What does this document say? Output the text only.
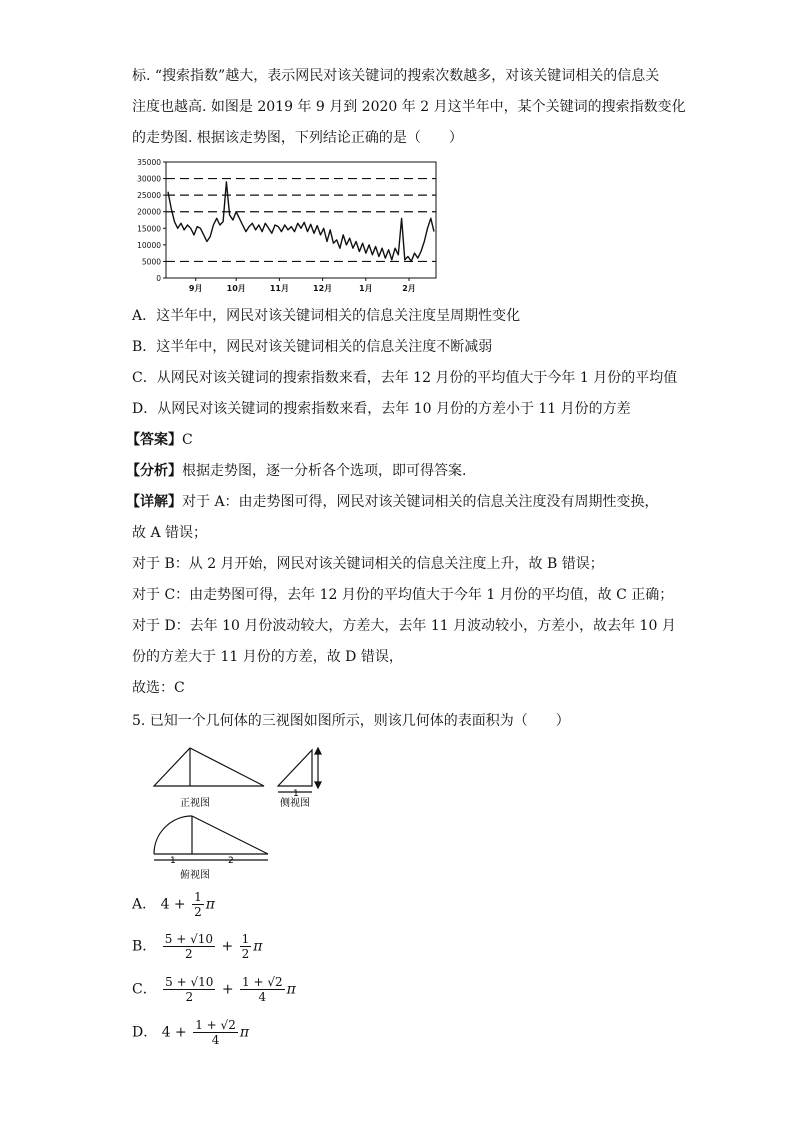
标. “搜索指数”越大，表示网民对该关键词的搜索次数越多，对该关键词相关的信息关
注度也越高. 如图是 2019 年 9 月到 2020 年 2 月这半年中，某个关键词的搜索指数变化
的走势图. 根据该走势图，下列结论正确的是（　　）
0
5000
10000
15000
20000
25000
30000
35000
9月	10月	11月	12月	1月	2月
A．这半年中，网民对该关键词相关的信息关注度呈周期性变化
B．这半年中，网民对该关键词相关的信息关注度不断减弱
C．从网民对该关键词的搜索指数来看，去年 12 月份的平均值大于今年 1 月份的平均值
D．从网民对该关键词的搜索指数来看，去年 10 月份的方差小于 11 月份的方差
【答案】C
【分析】根据走势图，逐一分析各个选项，即可得答案.
【详解】对于 A：由走势图可得，网民对该关键词相关的信息关注度没有周期性变换，
故 A 错误；
对于 B：从 2 月开始，网民对该关键词相关的信息关注度上升，故 B 错误；
对于 C：由走势图可得，去年 12 月份的平均值大于今年 1 月份的平均值，故 C 正确；
对于 D：去年 10 月份波动较大，方差大，去年 11 月波动较小，方差小，故去年 10 月
份的方差大于 11 月份的方差，故 D 错误，
故选：C
5. 已知一个几何体的三视图如图所示，则该几何体的表面积为（　　）
正视图
1
侧视图
1	2
俯视图
A． $4 + \frac{1}{2}$ π
B． $\frac{5 + √10}{2} + \frac{1}{2}$ π
C． $\frac{5 + √10}{2} + \frac{1 + √2}{4}$ π
D． $4 + \frac{1 + √2}{4}$ π
